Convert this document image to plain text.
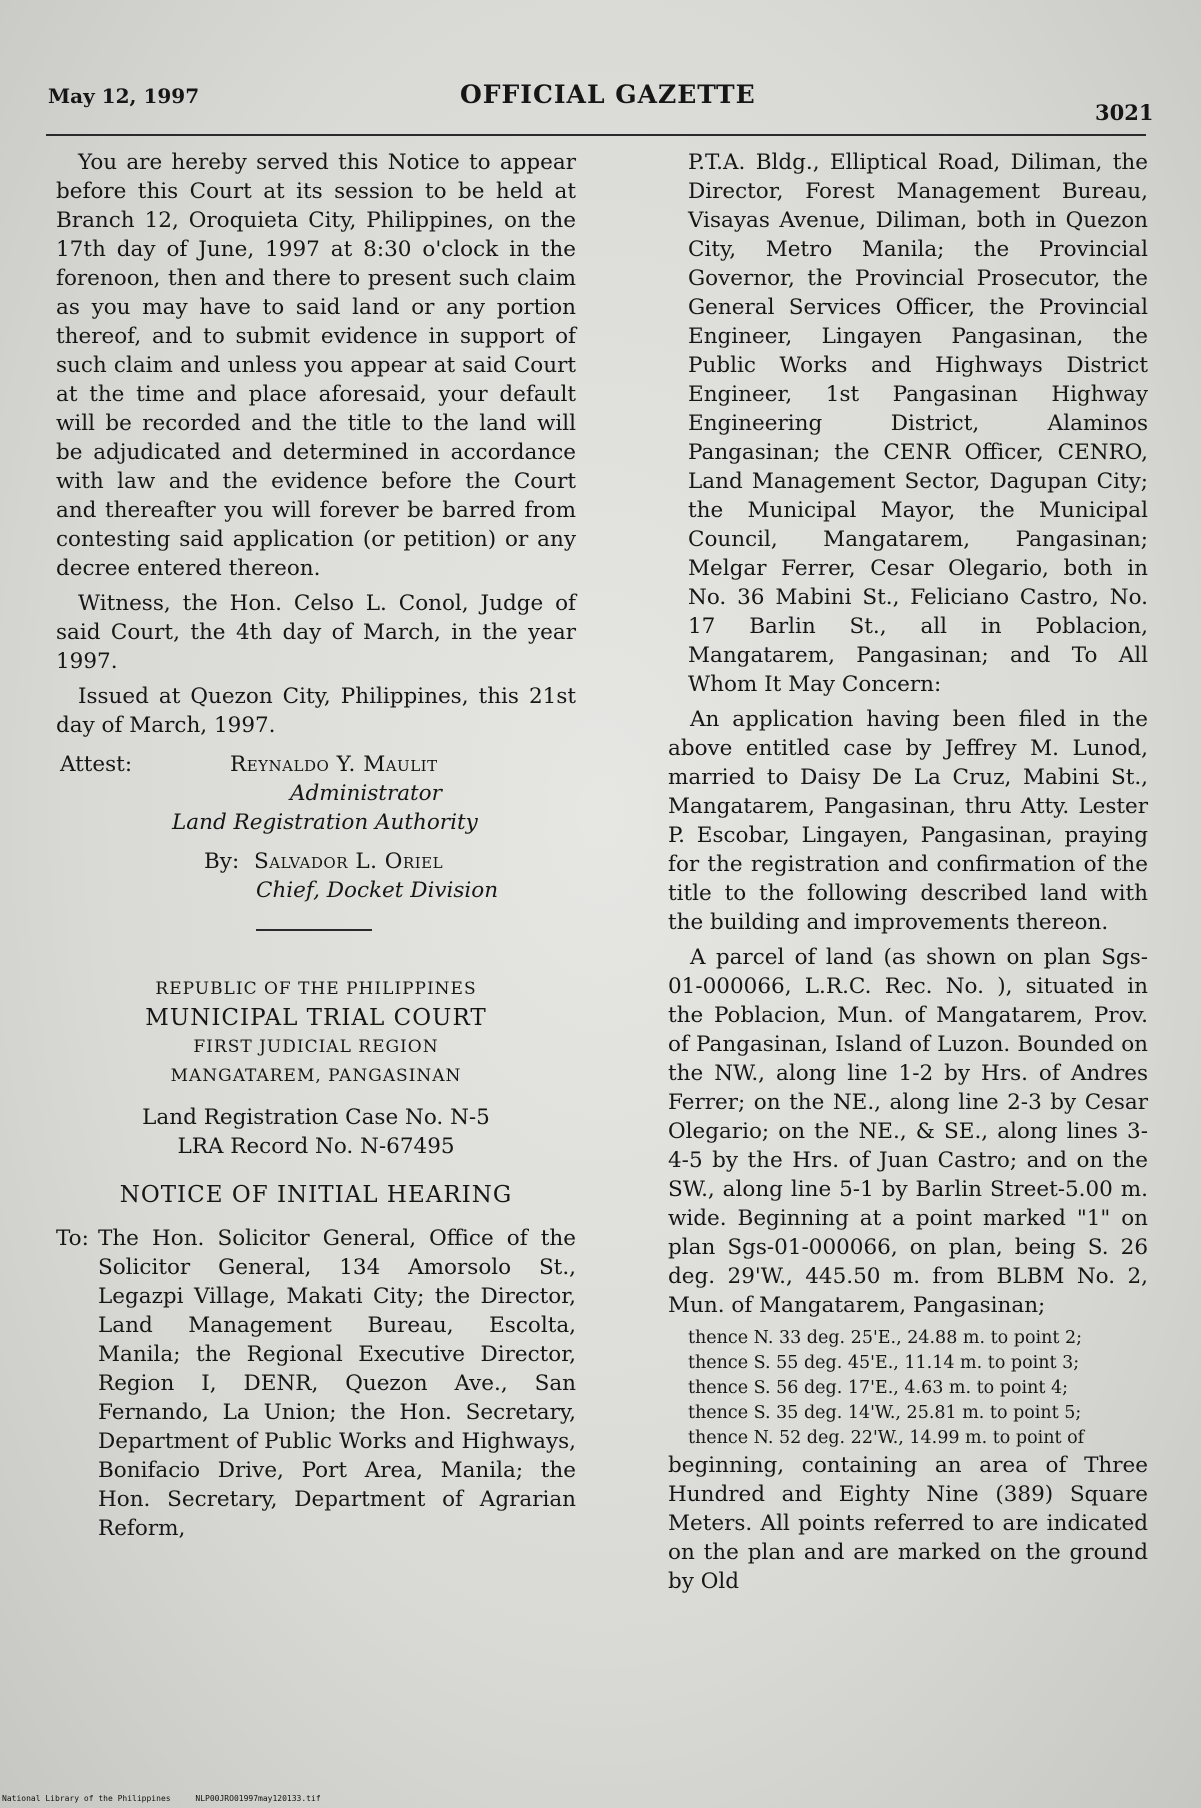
May 12, 1997	OFFICIAL GAZETTE
3021

You are hereby served this Notice to appear before this Court at its session to be held at Branch 12, Oroquieta City, Philippines, on the 17th day of June, 1997 at 8:30 o'clock in the forenoon, then and there to present such claim as you may have to said land or any portion thereof, and to submit evidence in support of such claim and unless you appear at said Court at the time and place aforesaid, your default will be recorded and the title to the land will be adjudicated and determined in accordance with law and the evidence before the Court and thereafter you will forever be barred from contesting said application (or petition) or any decree entered thereon.

Witness, the Hon. Celso L. Conol, Judge of said Court, the 4th day of March, in the year 1997.

Issued at Quezon City, Philippines, this 21st day of March, 1997.

Attest:	Reynaldo Y. Maulit
Administrator
Land Registration Authority
By: Salvador L. Oriel
Chief, Docket Division
REPUBLIC OF THE PHILIPPINES
MUNICIPAL TRIAL COURT
FIRST JUDICIAL REGION
MANGATAREM, PANGASINAN
Land Registration Case No. N-5
LRA Record No. N-67495
NOTICE OF INITIAL HEARING
To: The Hon. Solicitor General, Office of the Solicitor General, 134 Amorsolo St., Legazpi Village, Makati City; the Director, Land Management Bureau, Escolta, Manila; the Regional Executive Director, Region I, DENR, Quezon Ave., San Fernando, La Union; the Hon. Secretary, Department of Public Works and Highways, Bonifacio Drive, Port Area, Manila; the Hon. Secretary, Department of Agrarian Reform,

P.T.A. Bldg., Elliptical Road, Diliman, the Director, Forest Management Bureau, Visayas Avenue, Diliman, both in Quezon City, Metro Manila; the Provincial Governor, the Provincial Prosecutor, the General Services Officer, the Provincial Engineer, Lingayen Pangasinan, the Public Works and Highways District Engineer, 1st Pangasinan Highway Engineering District, Alaminos Pangasinan; the CENR Officer, CENRO, Land Management Sector, Dagupan City; the Municipal Mayor, the Municipal Council, Mangatarem, Pangasinan; Melgar Ferrer, Cesar Olegario, both in No. 36 Mabini St., Feliciano Castro, No. 17 Barlin St., all in Poblacion, Mangatarem, Pangasinan; and To All Whom It May Concern:

An application having been filed in the above entitled case by Jeffrey M. Lunod, married to Daisy De La Cruz, Mabini St., Mangatarem, Pangasinan, thru Atty. Lester P. Escobar, Lingayen, Pangasinan, praying for the registration and confirmation of the title to the following described land with the building and improvements thereon.

A parcel of land (as shown on plan Sgs-01-000066, L.R.C. Rec. No. ), situated in the Poblacion, Mun. of Mangatarem, Prov. of Pangasinan, Island of Luzon. Bounded on the NW., along line 1-2 by Hrs. of Andres Ferrer; on the NE., along line 2-3 by Cesar Olegario; on the NE., & SE., along lines 3-4-5 by the Hrs. of Juan Castro; and on the SW., along line 5-1 by Barlin Street-5.00 m. wide. Beginning at a point marked "1" on plan Sgs-01-000066, on plan, being S. 26 deg. 29'W., 445.50 m. from BLBM No. 2, Mun. of Mangatarem, Pangasinan;

thence N. 33 deg. 25'E., 24.88 m. to point 2;
thence S. 55 deg. 45'E., 11.14 m. to point 3;
thence S. 56 deg. 17'E., 4.63 m. to point 4;
thence S. 35 deg. 14'W., 25.81 m. to point 5;
thence N. 52 deg. 22'W., 14.99 m. to point of

beginning, containing an area of Three Hundred and Eighty Nine (389) Square Meters. All points referred to are indicated on the plan and are marked on the ground by Old

National Library of the Philippines	NLP00JRO01997may120133.tif
